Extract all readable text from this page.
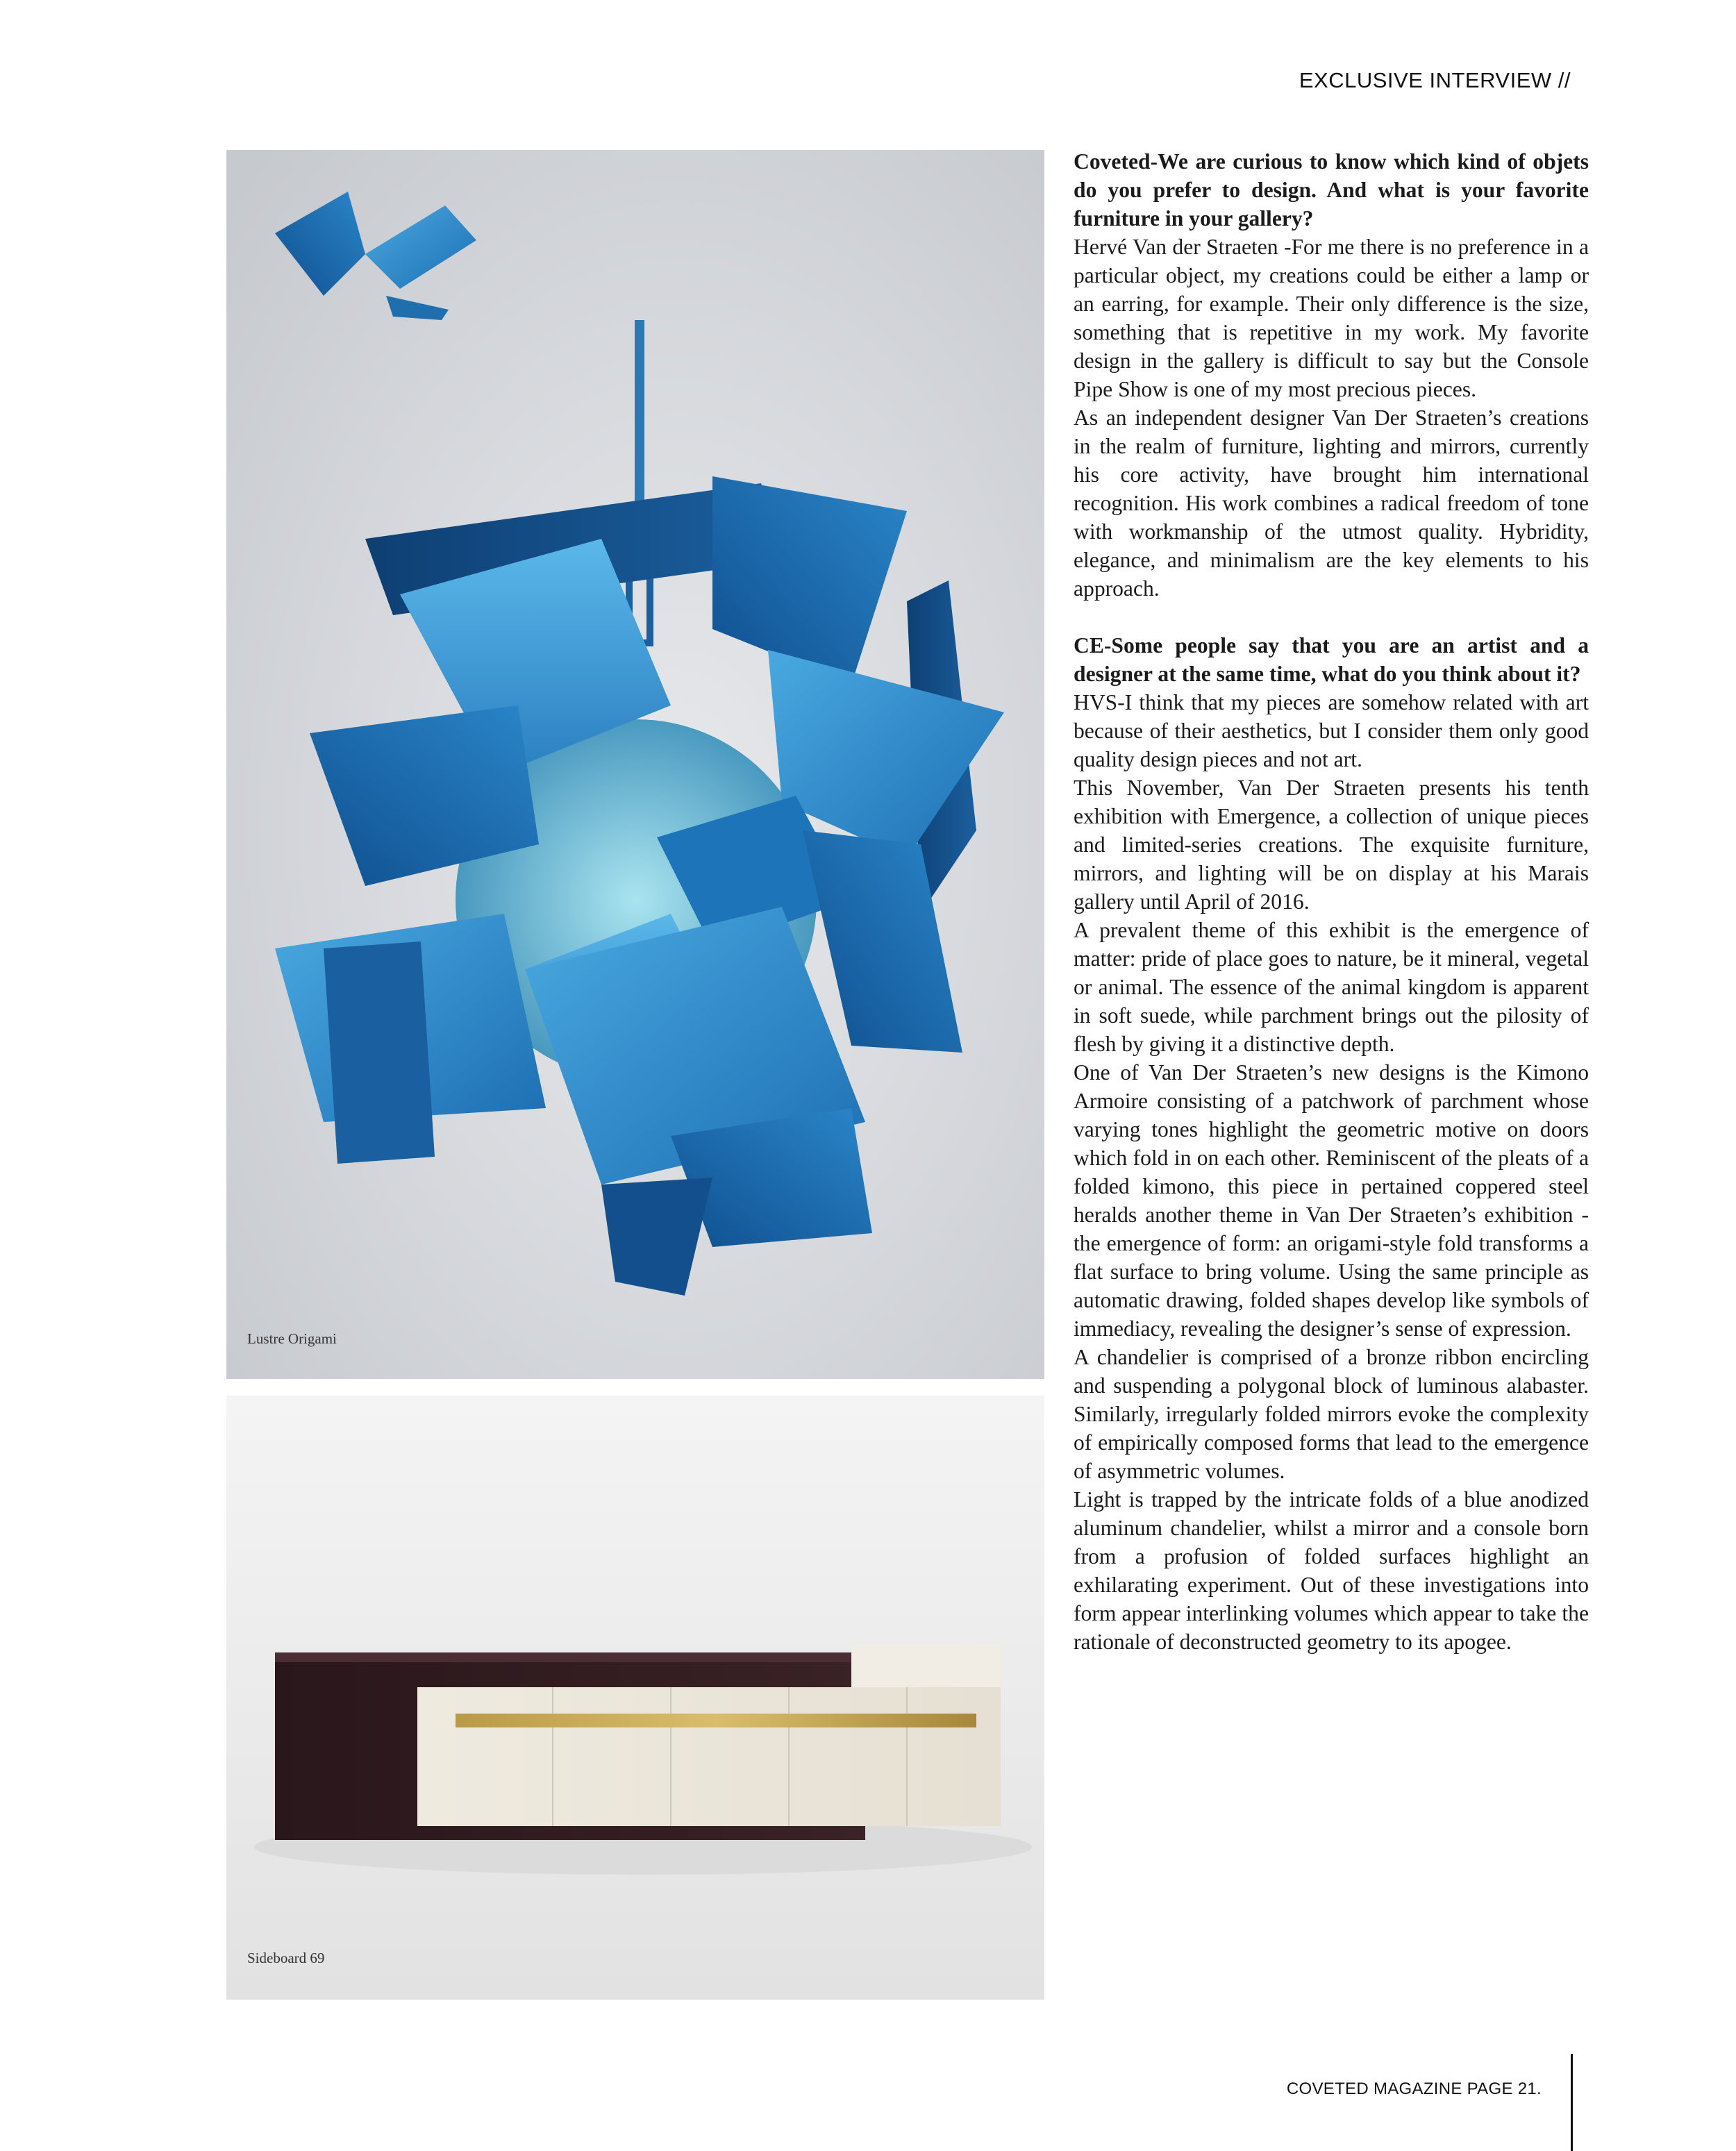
EXCLUSIVE INTERVIEW //
Lustre Origami
Sideboard 69

Coveted-We are curious to know which kind of objets do you prefer to design. And what is your favorite furniture in your gallery?

Hervé Van der Straeten -For me there is no preference in a particular object, my creations could be either a lamp or an earring, for example. Their only difference is the size, something that is repetitive in my work. My favorite design in the gallery is difficult to say but the Console Pipe Show is one of my most precious pieces.

As an independent designer Van Der Straeten’s creations in the realm of furniture, lighting and mirrors, currently his core activity, have brought him international recognition. His work combines a radical freedom of tone with workmanship of the utmost quality. Hybridity, elegance, and minimalism are the key elements to his approach.

CE-Some people say that you are an artist and a designer at the same time, what do you think about it?

HVS-I think that my pieces are somehow related with art because of their aesthetics, but I consider them only good quality design pieces and not art.

This November, Van Der Straeten presents his tenth exhibition with Emergence, a collection of unique pieces and limited-series creations. The exquisite furniture, mirrors, and lighting will be on display at his Marais gallery until April of 2016.

A prevalent theme of this exhibit is the emergence of matter: pride of place goes to nature, be it mineral, vegetal or animal. The essence of the animal kingdom is apparent in soft suede, while parchment brings out the pilosity of flesh by giving it a distinctive depth.

One of Van Der Straeten’s new designs is the Kimono Armoire consisting of a patchwork of parchment whose varying tones highlight the geometric motive on doors which fold in on each other. Reminiscent of the pleats of a folded kimono, this piece in pertained coppered steel heralds another theme in Van Der Straeten’s exhibition - the emergence of form: an origami-style fold transforms a flat surface to bring volume. Using the same principle as automatic drawing, folded shapes develop like symbols of immediacy, revealing the designer’s sense of expression.

A chandelier is comprised of a bronze ribbon encircling and suspending a polygonal block of luminous alabaster. Similarly, irregularly folded mirrors evoke the complexity of empirically composed forms that lead to the emergence of asymmetric volumes.

Light is trapped by the intricate folds of a blue anodized aluminum chandelier, whilst a mirror and a console born from a profusion of folded surfaces highlight an exhilarating experiment. Out of these investigations into form appear interlinking volumes which appear to take the rationale of deconstructed geometry to its apogee.

COVETED MAGAZINE PAGE 21.
